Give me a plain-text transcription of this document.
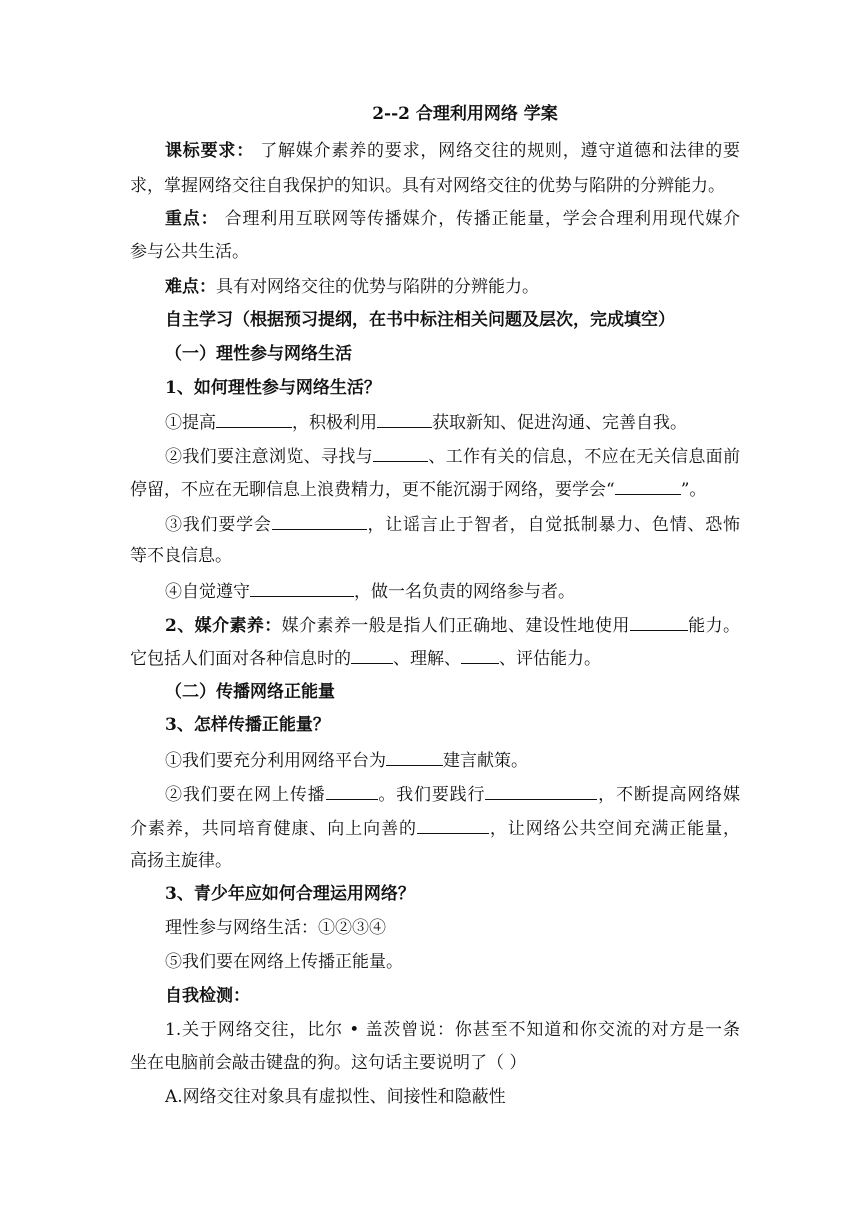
2--2 合理利用网络 学案
课标要求： 了解媒介素养的要求，网络交往的规则，遵守道德和法律的要
求，掌握网络交往自我保护的知识。具有对网络交往的优势与陷阱的分辨能力。
重点： 合理利用互联网等传播媒介，传播正能量，学会合理利用现代媒介
参与公共生活。
难点：具有对网络交往的优势与陷阱的分辨能力。
自主学习（根据预习提纲，在书中标注相关问题及层次，完成填空）
（一）理性参与网络生活
1、如何理性参与网络生活？
①提高	，积极利用	获取新知、促进沟通、完善自我。
②我们要注意浏览、寻找与	、工作有关的信息，不应在无关信息面前
停留，不应在无聊信息上浪费精力，更不能沉溺于网络，要学会“	”。
③我们要学会	，让谣言止于智者，自觉抵制暴力、色情、恐怖
等不良信息。
④自觉遵守	，做一名负责的网络参与者。
2、媒介素养：媒介素养一般是指人们正确地、建设性地使用	能力。
它包括人们面对各种信息时的 、理解、 、评估能力。
（二）传播网络正能量
3、怎样传播正能量？
①我们要充分利用网络平台为	建言献策。
②我们要在网上传播	。我们要践行	，不断提高网络媒
介素养，共同培育健康、向上向善的	，让网络公共空间充满正能量，
高扬主旋律。
3、青少年应如何合理运用网络？
理性参与网络生活：①②③④
⑤我们要在网络上传播正能量。
自我检测：
1.关于网络交往，比尔 • 盖茨曾说：你甚至不知道和你交流的对方是一条
坐在电脑前会敲击键盘的狗。这句话主要说明了（ ）
A.网络交往对象具有虚拟性、间接性和隐蔽性
